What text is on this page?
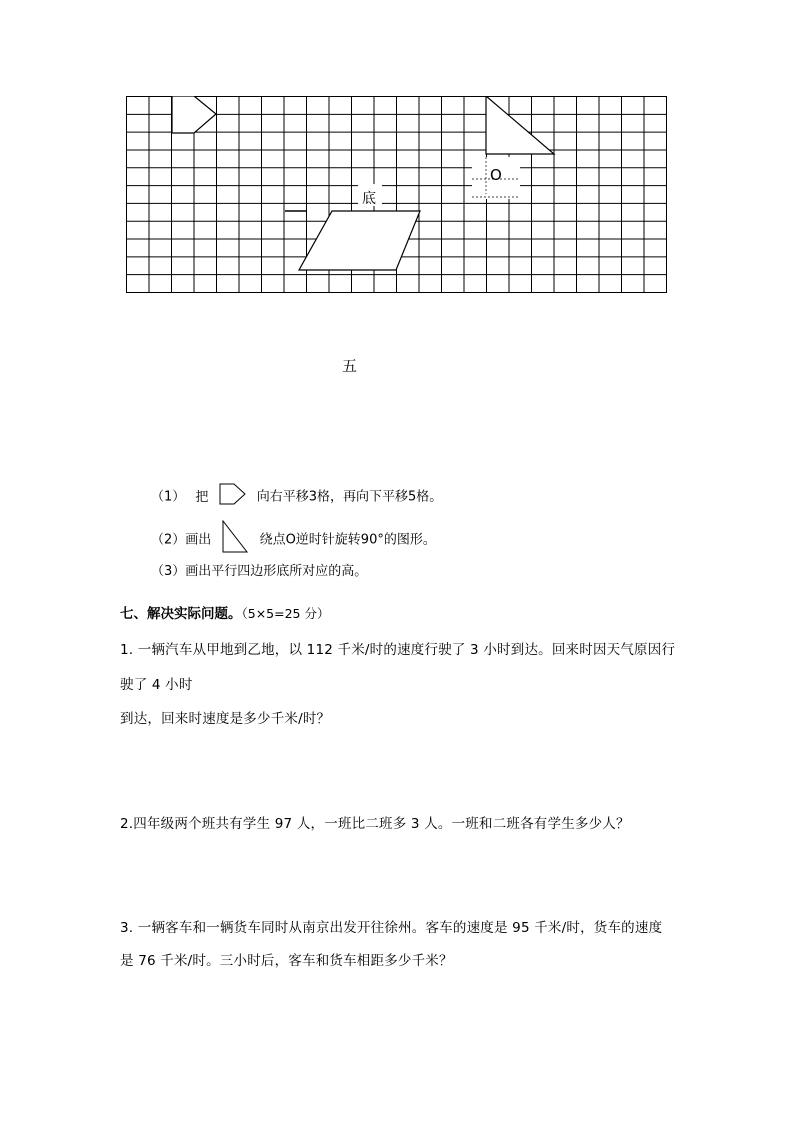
O
底
五
（1） 把	向右平移3格，再向下平移5格。
（2）画出	绕点O逆时针旋转90°的图形。
（3）画出平行四边形底所对应的高。
七、解决实际问题。（5×5=25 分）
1. 一辆汽车从甲地到乙地，以 112 千米/时的速度行驶了 3 小时到达。回来时因天气原因行
驶了 4 小时
到达，回来时速度是多少千米/时？
2.四年级两个班共有学生 97 人，一班比二班多 3 人。一班和二班各有学生多少人？
3. 一辆客车和一辆货车同时从南京出发开往徐州。客车的速度是 95 千米/时，货车的速度
是 76 千米/时。三小时后，客车和货车相距多少千米？
